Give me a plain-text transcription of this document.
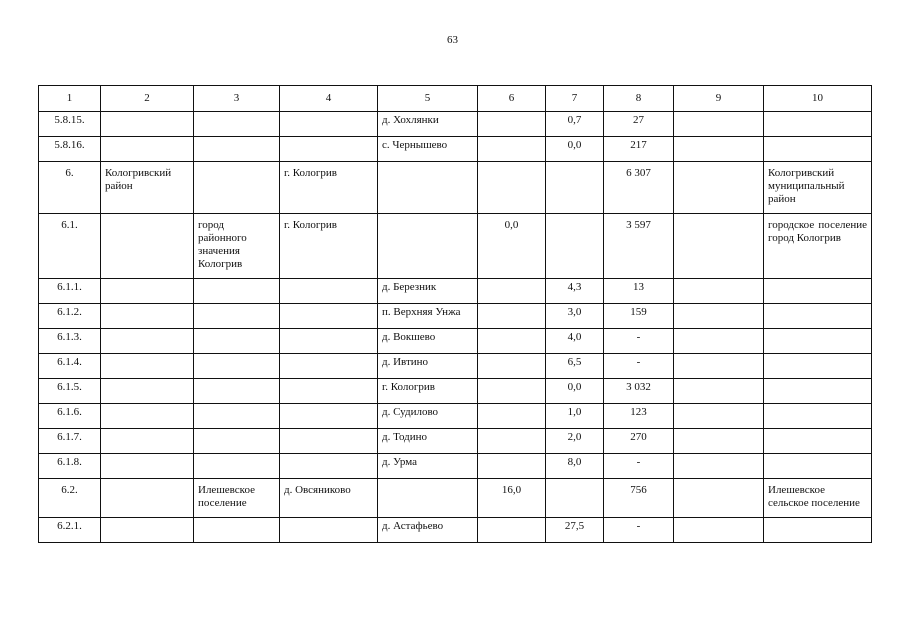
63
1	2	3	4	5	6	7	8	9	10
5.8.15.				д. Хохлянки		0,7	27		
5.8.16.				с. Чернышево		0,0	217		
6.	Кологривский район		г. Кологрив				6 307		Кологривский муниципальный район
6.1.		город районного значения Кологрив	г. Кологрив		0,0		3 597		городское поселение город Кологрив
6.1.1.				д. Березник		4,3	13		
6.1.2.				п. Верхняя Унжа		3,0	159		
6.1.3.				д. Вокшево		4,0	-		
6.1.4.				д. Ивтино		6,5	-		
6.1.5.				г. Кологрив		0,0	3 032		
6.1.6.				д. Судилово		1,0	123		
6.1.7.				д. Тодино		2,0	270		
6.1.8.				д. Урма		8,0	-		
6.2.		Илешевское поселение	д. Овсяниково		16,0		756		Илешевское сельское поселение
6.2.1.				д. Астафьево		27,5	-		
